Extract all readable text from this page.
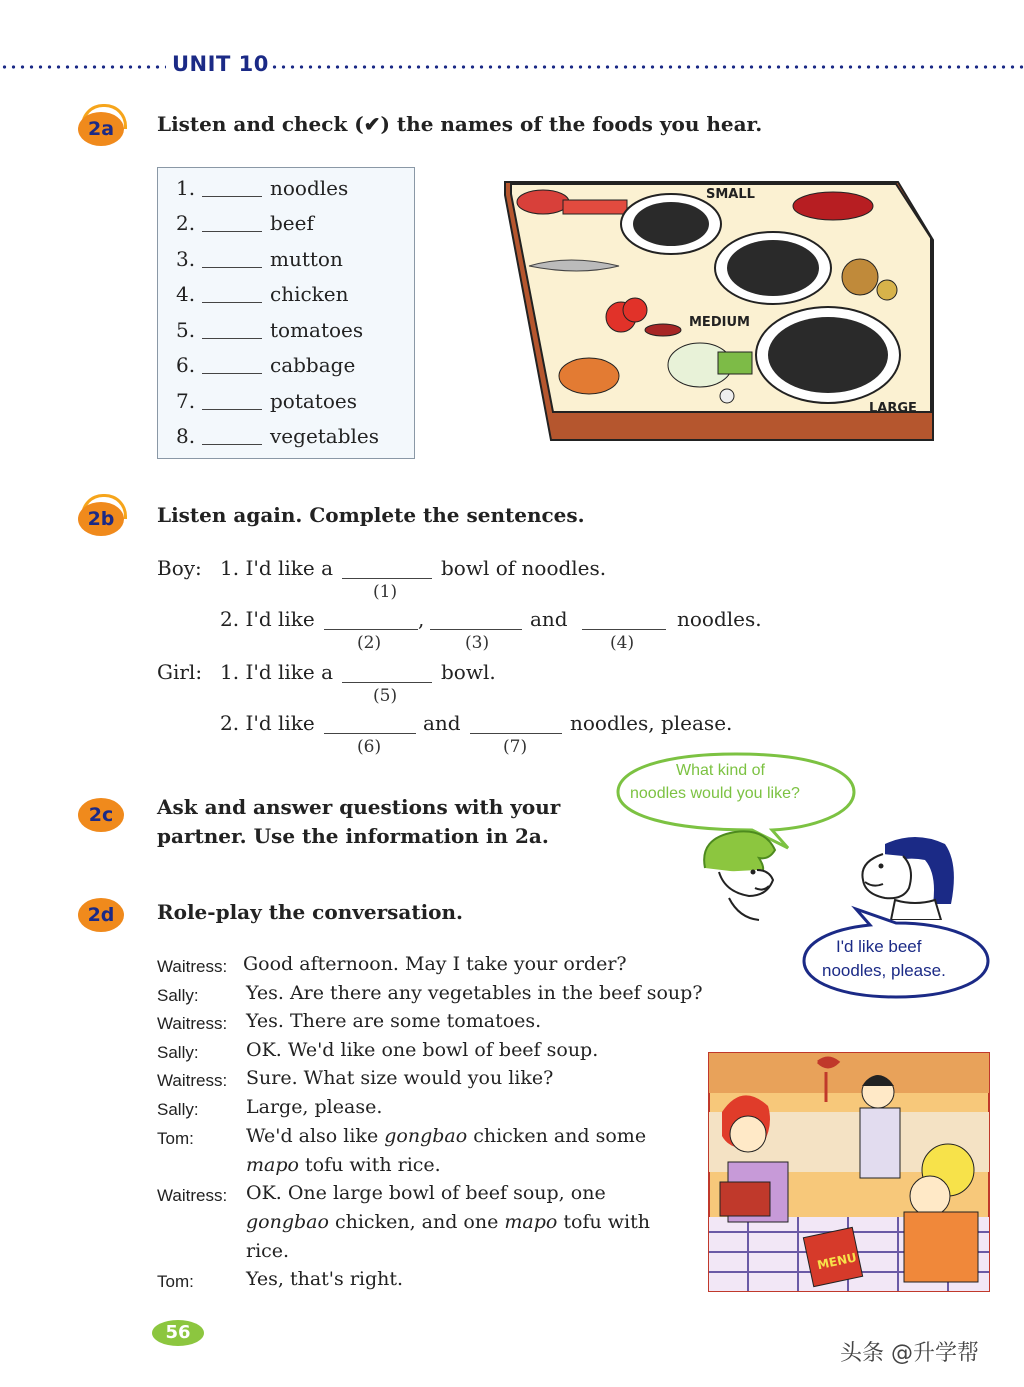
UNIT 10
2a	Listen and check (✔) the names of the foods you hear.
1.	noodles
2.	beef
3.	mutton
4.	chicken
5.	tomatoes
6.	cabbage
7.	potatoes
8.	vegetables
SMALL
MEDIUM
LARGE
2b	Listen again. Complete the sentences.
Boy: 1. I'd like a
(1)
bowl of noodles.
2. I'd like	,
(2)	(3)
and
(4)
noodles.
Girl: 1. I'd like a
(5)
bowl.
2. I'd like
(6)
and
(7)
noodles, please.
2c	Ask and answer questions with your
partner. Use the information in 2a.
What kind of
noodles would you like?
I'd like beef
noodles, please.
2d	Role-play the conversation.
Waitress: Good afternoon. May I take your order?
Sally: Yes. Are there any vegetables in the beef soup?
Waitress: Yes. There are some tomatoes.
Sally: OK. We'd like one bowl of beef soup.
Waitress: Sure. What size would you like?
Sally: Large, please.
Tom:	We'd also like gongbao chicken and some
mapo tofu with rice.
Waitress: OK. One large bowl of beef soup, one
gongbao chicken, and one mapo tofu with
rice.
Tom:	Yes, that's right.
MENU
56
头条 @升学帮
